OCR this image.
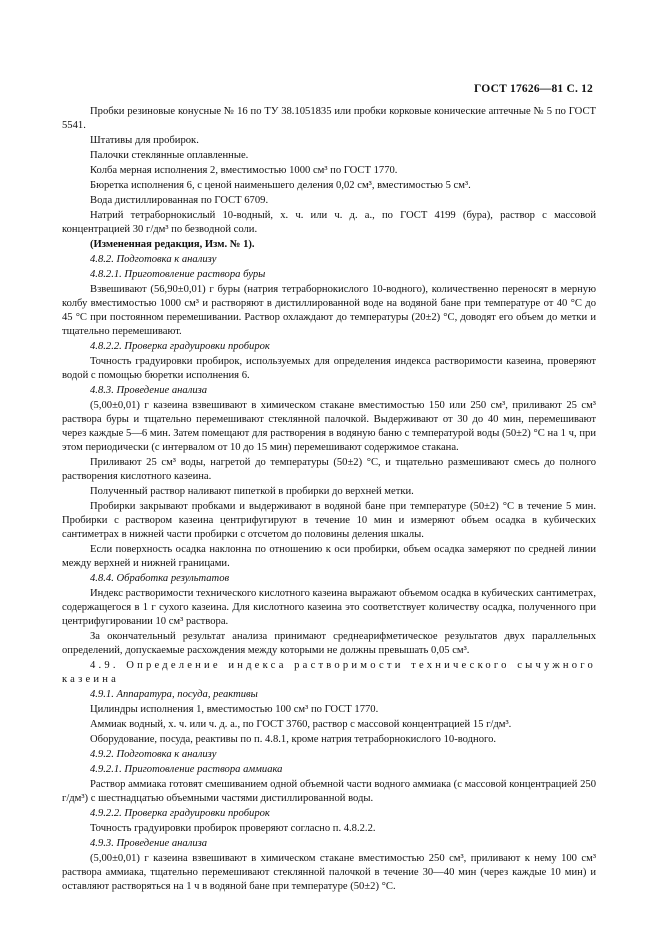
ГОСТ 17626—81 С. 12

Пробки резиновые конусные № 16 по ТУ 38.1051835 или пробки корковые конические аптечные № 5 по ГОСТ 5541.

Штативы для пробирок.

Палочки стеклянные оплавленные.

Колба мерная исполнения 2, вместимостью 1000 см³ по ГОСТ 1770.

Бюретка исполнения 6, с ценой наименьшего деления 0,02 см³, вместимостью 5 см³.

Вода дистиллированная по ГОСТ 6709.

Натрий тетраборнокислый 10-водный, х. ч. или ч. д. а., по ГОСТ 4199 (бура), раствор с массовой концентрацией 30 г/дм³ по безводной соли.

(Измененная редакция, Изм. № 1).

4.8.2. Подготовка к анализу

4.8.2.1. Приготовление раствора буры

Взвешивают (56,90±0,01) г буры (натрия тетраборнокислого 10-водного), количественно переносят в мерную колбу вместимостью 1000 см³ и растворяют в дистиллированной воде на водяной бане при температуре от 40 °С до 45 °С при постоянном перемешивании. Раствор охлаждают до температуры (20±2) °С, доводят его объем до метки и тщательно перемешивают.

4.8.2.2. Проверка градуировки пробирок

Точность градуировки пробирок, используемых для определения индекса растворимости казеина, проверяют водой с помощью бюретки исполнения 6.

4.8.3. Проведение анализа

(5,00±0,01) г казеина взвешивают в химическом стакане вместимостью 150 или 250 см³, приливают 25 см³ раствора буры и тщательно перемешивают стеклянной палочкой. Выдерживают от 30 до 40 мин, перемешивают через каждые 5—6 мин. Затем помещают для растворения в водяную баню с температурой воды (50±2) °С на 1 ч, при этом периодически (с интервалом от 10 до 15 мин) перемешивают содержимое стакана.

Приливают 25 см³ воды, нагретой до температуры (50±2) °С, и тщательно размешивают смесь до полного растворения кислотного казеина.

Полученный раствор наливают пипеткой в пробирки до верхней метки.

Пробирки закрывают пробками и выдерживают в водяной бане при температуре (50±2) °С в течение 5 мин. Пробирки с раствором казеина центрифугируют в течение 10 мин и измеряют объем осадка в кубических сантиметрах в нижней части пробирки с отсчетом до половины деления шкалы.

Если поверхность осадка наклонна по отношению к оси пробирки, объем осадка замеряют по средней линии между верхней и нижней границами.

4.8.4. Обработка результатов

Индекс растворимости технического кислотного казеина выражают объемом осадка в кубических сантиметрах, содержащегося в 1 г сухого казеина. Для кислотного казеина это соответствует количеству осадка, полученного при центрифугировании 10 см³ раствора.

За окончательный результат анализа принимают среднеарифметическое результатов двух параллельных определений, допускаемые расхождения между которыми не должны превышать 0,05 см³.

4.9. Определение индекса растворимости технического сычужного казеина

4.9.1. Аппаратура, посуда, реактивы

Цилиндры исполнения 1, вместимостью 100 см³ по ГОСТ 1770.

Аммиак водный, х. ч. или ч. д. а., по ГОСТ 3760, раствор с массовой концентрацией 15 г/дм³.

Оборудование, посуда, реактивы по п. 4.8.1, кроме натрия тетраборнокислого 10-водного.

4.9.2. Подготовка к анализу

4.9.2.1. Приготовление раствора аммиака

Раствор аммиака готовят смешиванием одной объемной части водного аммиака (с массовой концентрацией 250 г/дм³) с шестнадцатью объемными частями дистиллированной воды.

4.9.2.2. Проверка градуировки пробирок

Точность градуировки пробирок проверяют согласно п. 4.8.2.2.

4.9.3. Проведение анализа

(5,00±0,01) г казеина взвешивают в химическом стакане вместимостью 250 см³, приливают к нему 100 см³ раствора аммиака, тщательно перемешивают стеклянной палочкой в течение 30—40 мин (через каждые 10 мин) и оставляют растворяться на 1 ч в водяной бане при температуре (50±2) °С.
